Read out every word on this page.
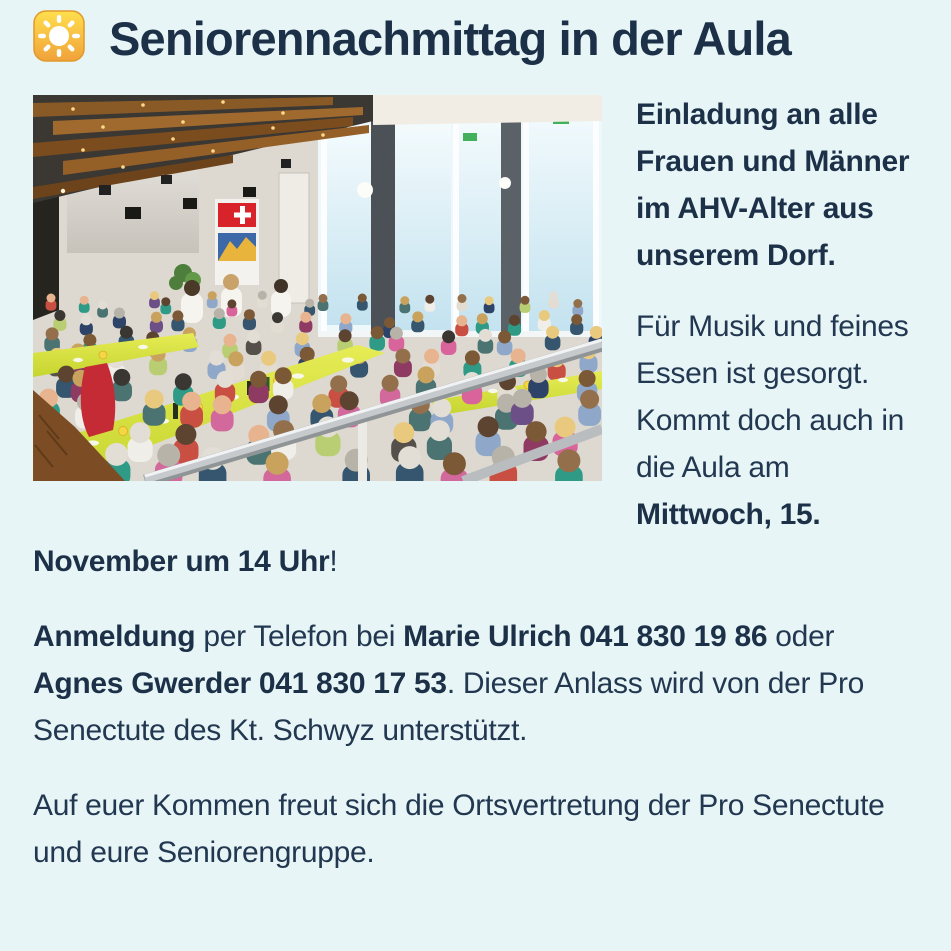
Seniorennachmittag in der Aula

Einladung an alle Frauen und Männer im AHV-Alter aus unserem Dorf.

Für Musik und feines Essen ist gesorgt. Kommt doch auch in die Aula am Mittwoch, 15. November um 14 Uhr!

Anmeldung per Telefon bei Marie Ulrich 041 830 19 86 oder Agnes Gwerder 041 830 17 53. Dieser Anlass wird von der Pro Senectute des Kt. Schwyz unterstützt.

Auf euer Kommen freut sich die Ortsvertretung der Pro Senectute und eure Seniorengruppe.
